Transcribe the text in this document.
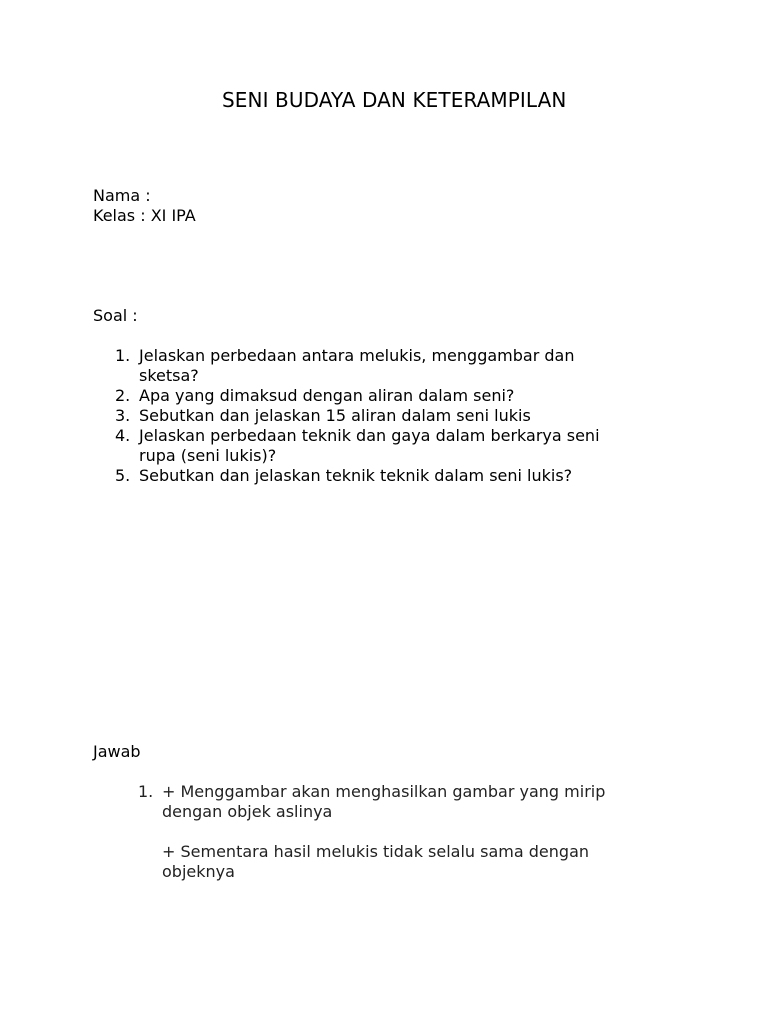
SENI BUDAYA DAN KETERAMPILAN
Nama :
Kelas : XI IPA
Soal :
1. Jelaskan perbedaan antara melukis, menggambar dan
sketsa?
2. Apa yang dimaksud dengan aliran dalam seni?
3. Sebutkan dan jelaskan 15 aliran dalam seni lukis
4. Jelaskan perbedaan teknik dan gaya dalam berkarya seni
rupa (seni lukis)?
5. Sebutkan dan jelaskan teknik teknik dalam seni lukis?
Jawab
1. + Menggambar akan menghasilkan gambar yang mirip
dengan objek aslinya
+ Sementara hasil melukis tidak selalu sama dengan
objeknya
